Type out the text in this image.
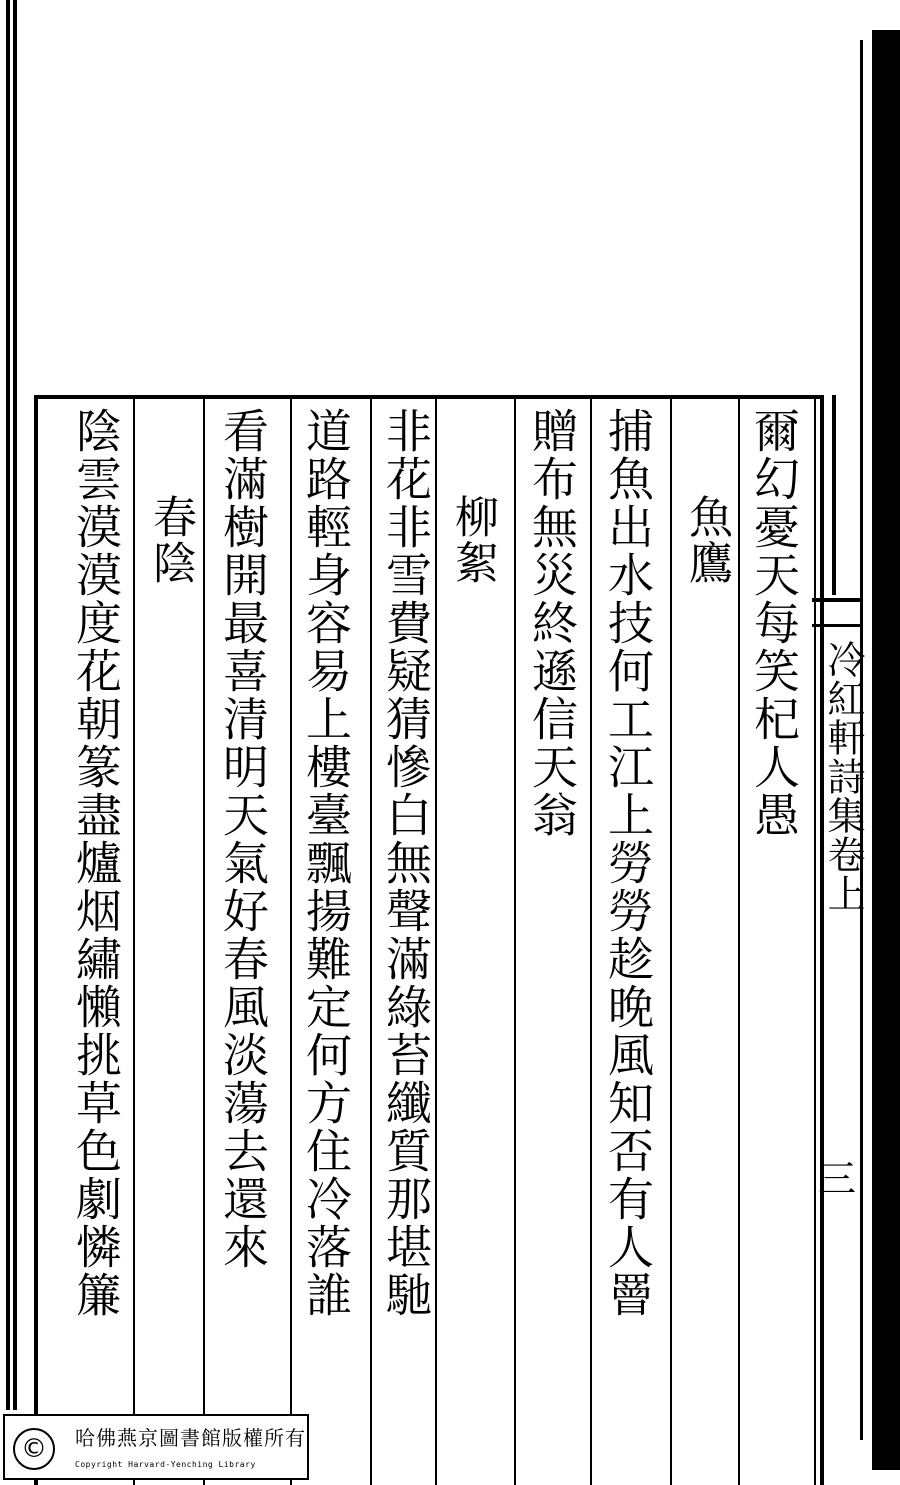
爾幻憂天每笑杞人愚
魚鷹
捕魚出水技何工江上勞勞趁晚風知否有人罾
贈布無災終遜信天翁
柳絮
非花非雪費疑猜慘白無聲滿綠苔纖質那堪馳
道路輕身容易上樓臺飄揚難定何方住冷落誰
看滿樹開最喜清明天氣好春風淡蕩去還來
春陰
陰雲漠漠度花朝篆盡爐烟繡懶挑草色劇憐簾	冷紅軒詩集卷上
三
©	哈佛燕京圖書館版權所有
Copyright Harvard-Yenching Library
